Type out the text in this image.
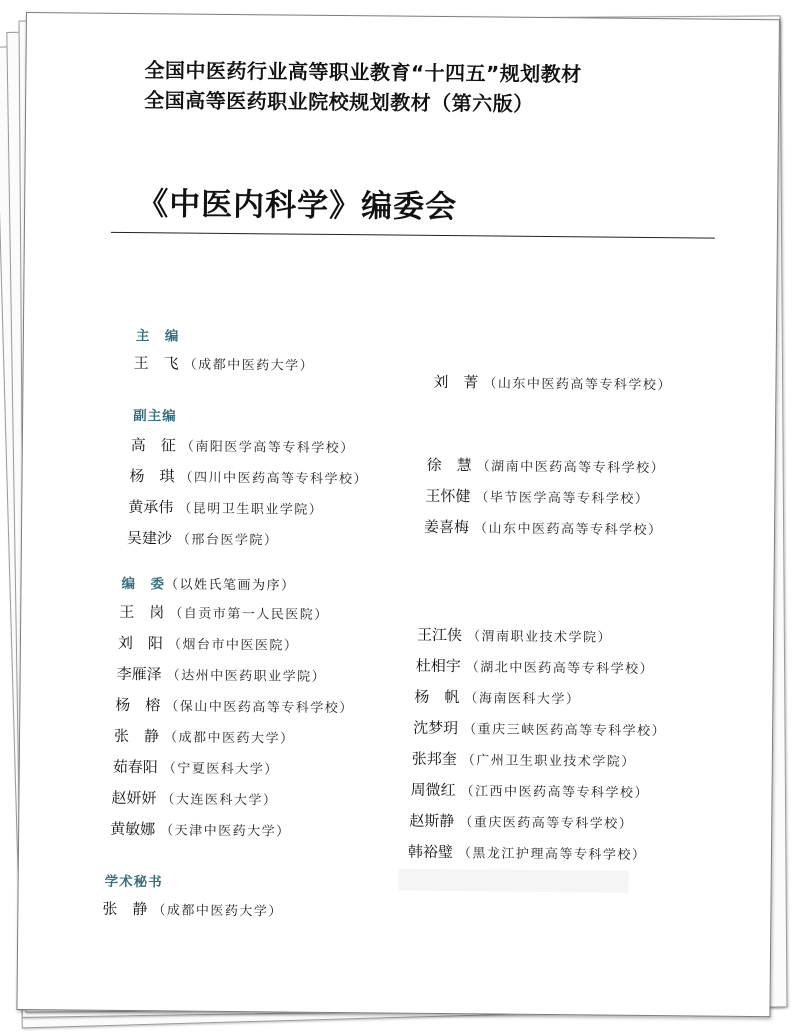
全国中医药行业高等职业教育“十四五”规划教材
全国高等医药职业院校规划教材（第六版）
《中医内科学》编委会
主　编
王　飞 （成都中医药大学）
刘　菁 （山东中医药高等专科学校）
副主编
高　征 （南阳医学高等专科学校）
杨　琪 （四川中医药高等专科学校）
黄承伟 （昆明卫生职业学院）
吴建沙 （邢台医学院）
徐　慧 （湖南中医药高等专科学校）
王怀健 （毕节医学高等专科学校）
姜喜梅 （山东中医药高等专科学校）
编　委（以姓氏笔画为序）
王　岗 （自贡市第一人民医院）
刘　阳 （烟台市中医医院）
李雁泽 （达州中医药职业学院）
杨　榕 （保山中医药高等专科学校）
张　静 （成都中医药大学）
茹春阳 （宁夏医科大学）
赵妍妍 （大连医科大学）
黄敏娜 （天津中医药大学）
王江侠 （渭南职业技术学院）
杜相宇 （湖北中医药高等专科学校）
杨　帆 （海南医科大学）
沈梦玥 （重庆三峡医药高等专科学校）
张邦奎 （广州卫生职业技术学院）
周微红 （江西中医药高等专科学校）
赵斯静 （重庆医药高等专科学校）
韩裕璧 （黑龙江护理高等专科学校）
学术秘书
张　静 （成都中医药大学）
